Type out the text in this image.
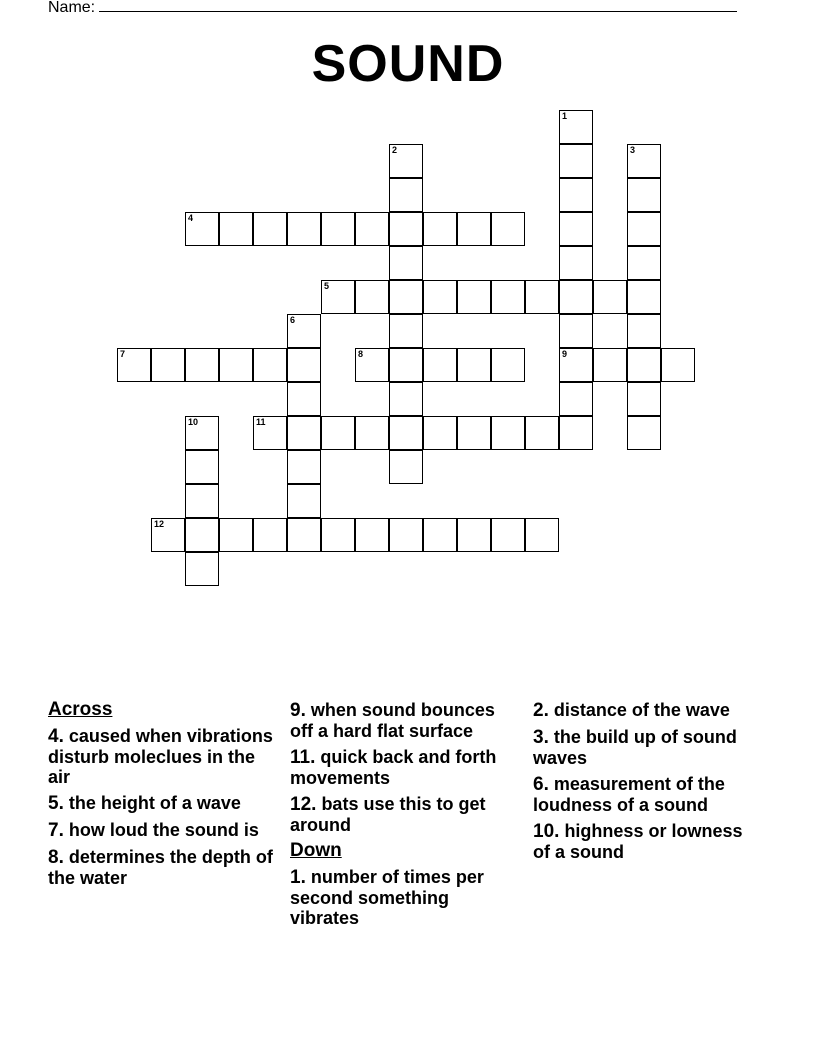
Name:
SOUND
1
9
2	3
4
5
6
7	8
10	11
12
Across
4. caused when vibrations disturb moleclues in the air
5. the height of a wave
7. how loud the sound is
8. determines the depth of the water
9. when sound bounces off a hard flat surface
11. quick back and forth movements
12. bats use this to get around
Down
1. number of times per second something vibrates
2. distance of the wave
3. the build up of sound waves
6. measurement of the loudness of a sound
10. highness or lowness of a sound
